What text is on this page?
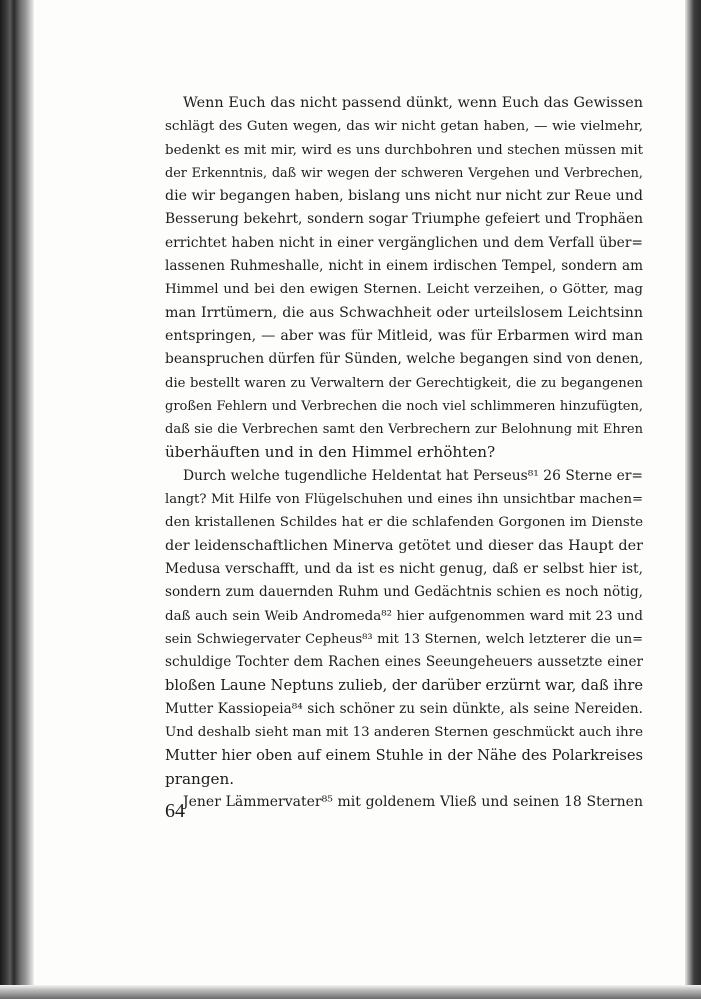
Wenn Euch das nicht passend dünkt, wenn Euch das Gewissen
schlägt des Guten wegen, das wir nicht getan haben, — wie vielmehr,
bedenkt es mit mir, wird es uns durchbohren und stechen müssen mit
der Erkenntnis, daß wir wegen der schweren Vergehen und Verbrechen,
die wir begangen haben, bislang uns nicht nur nicht zur Reue und
Besserung bekehrt, sondern sogar Triumphe gefeiert und Trophäen
errichtet haben nicht in einer vergänglichen und dem Verfall über=
lassenen Ruhmeshalle, nicht in einem irdischen Tempel, sondern am
Himmel und bei den ewigen Sternen. Leicht verzeihen, o Götter, mag
man Irrtümern, die aus Schwachheit oder urteilslosem Leichtsinn
entspringen, — aber was für Mitleid, was für Erbarmen wird man
beanspruchen dürfen für Sünden, welche begangen sind von denen,
die bestellt waren zu Verwaltern der Gerechtigkeit, die zu begangenen
großen Fehlern und Verbrechen die noch viel schlimmeren hinzufügten,
daß sie die Verbrechen samt den Verbrechern zur Belohnung mit Ehren
überhäuften und in den Himmel erhöhten?
Durch welche tugendliche Heldentat hat Perseus⁸¹ 26 Sterne er=
langt? Mit Hilfe von Flügelschuhen und eines ihn unsichtbar machen=
den kristallenen Schildes hat er die schlafenden Gorgonen im Dienste
der leidenschaftlichen Minerva getötet und dieser das Haupt der
Medusa verschafft, und da ist es nicht genug, daß er selbst hier ist,
sondern zum dauernden Ruhm und Gedächtnis schien es noch nötig,
daß auch sein Weib Andromeda⁸² hier aufgenommen ward mit 23 und
sein Schwiegervater Cepheus⁸³ mit 13 Sternen, welch letzterer die un=
schuldige Tochter dem Rachen eines Seeungeheuers aussetzte einer
bloßen Laune Neptuns zulieb, der darüber erzürnt war, daß ihre
Mutter Kassiopeia⁸⁴ sich schöner zu sein dünkte, als seine Nereiden.
Und deshalb sieht man mit 13 anderen Sternen geschmückt auch ihre
Mutter hier oben auf einem Stuhle in der Nähe des Polarkreises
prangen.
Jener Lämmervater⁸⁵ mit goldenem Vließ und seinen 18 Sternen
64
